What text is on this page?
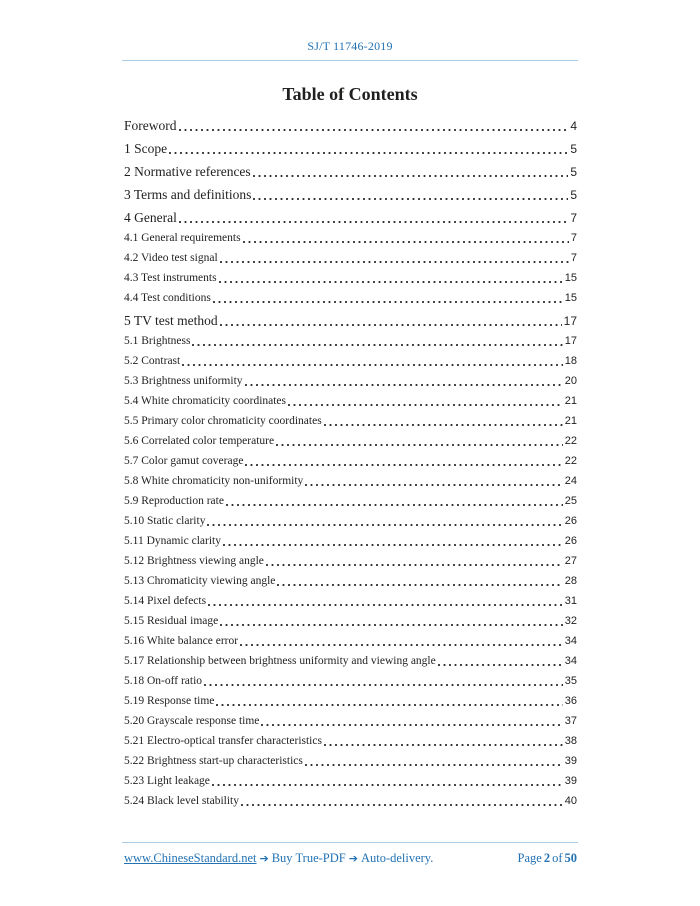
SJ/T 11746-2019
Table of Contents
Foreword	4
1 Scope	5
2 Normative references	5
3 Terms and definitions	5
4 General	7
4.1 General requirements	7
4.2 Video test signal	7
4.3 Test instruments	15
4.4 Test conditions	15
5 TV test method	17
5.1 Brightness	17
5.2 Contrast	18
5.3 Brightness uniformity	20
5.4 White chromaticity coordinates	21
5.5 Primary color chromaticity coordinates	21
5.6 Correlated color temperature	22
5.7 Color gamut coverage	22
5.8 White chromaticity non-uniformity	24
5.9 Reproduction rate	25
5.10 Static clarity	26
5.11 Dynamic clarity	26
5.12 Brightness viewing angle	27
5.13 Chromaticity viewing angle	28
5.14 Pixel defects	31
5.15 Residual image	32
5.16 White balance error	34
5.17 Relationship between brightness uniformity and viewing angle	34
5.18 On-off ratio	35
5.19 Response time	36
5.20 Grayscale response time	37
5.21 Electro-optical transfer characteristics	38
5.22 Brightness start-up characteristics	39
5.23 Light leakage	39
5.24 Black level stability	40
www.ChineseStandard.net ➔ Buy True-PDF ➔ Auto-delivery.	Page 2 of 50
